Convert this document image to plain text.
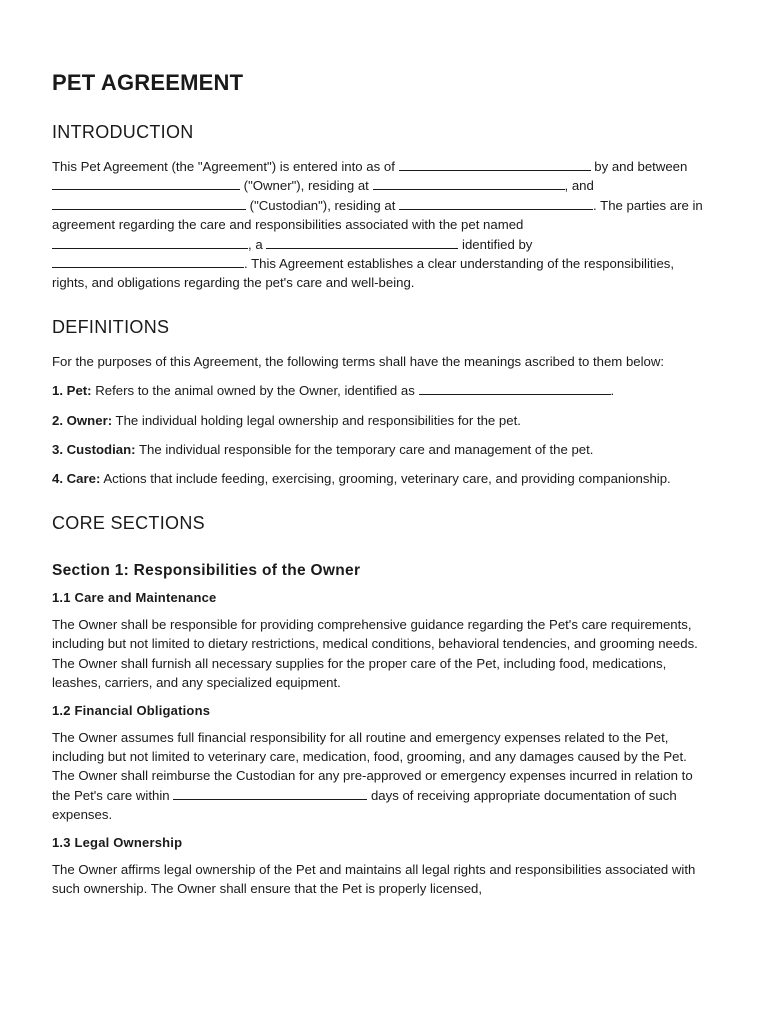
PET AGREEMENT
INTRODUCTION

This Pet Agreement (the "Agreement") is entered into as of	by and between  ("Owner"), residing at	, and  ("Custodian"), residing at	. The parties are in agreement regarding the care and responsibilities associated with the pet named , a	identified by . This Agreement establishes a clear understanding of the responsibilities, rights, and obligations regarding the pet's care and well-being.

DEFINITIONS

For the purposes of this Agreement, the following terms shall have the meanings ascribed to them below:

1. Pet: Refers to the animal owned by the Owner, identified as	.

2. Owner: The individual holding legal ownership and responsibilities for the pet.

3. Custodian: The individual responsible for the temporary care and management of the pet.

4. Care: Actions that include feeding, exercising, grooming, veterinary care, and providing companionship.

CORE SECTIONS
Section 1: Responsibilities of the Owner
1.1 Care and Maintenance

The Owner shall be responsible for providing comprehensive guidance regarding the Pet's care requirements, including but not limited to dietary restrictions, medical conditions, behavioral tendencies, and grooming needs. The Owner shall furnish all necessary supplies for the proper care of the Pet, including food, medications, leashes, carriers, and any specialized equipment.

1.2 Financial Obligations

The Owner assumes full financial responsibility for all routine and emergency expenses related to the Pet, including but not limited to veterinary care, medication, food, grooming, and any damages caused by the Pet. The Owner shall reimburse the Custodian for any pre-approved or emergency expenses incurred in relation to the Pet's care within	days of receiving appropriate documentation of such expenses.

1.3 Legal Ownership

The Owner affirms legal ownership of the Pet and maintains all legal rights and responsibilities associated with such ownership. The Owner shall ensure that the Pet is properly licensed,
